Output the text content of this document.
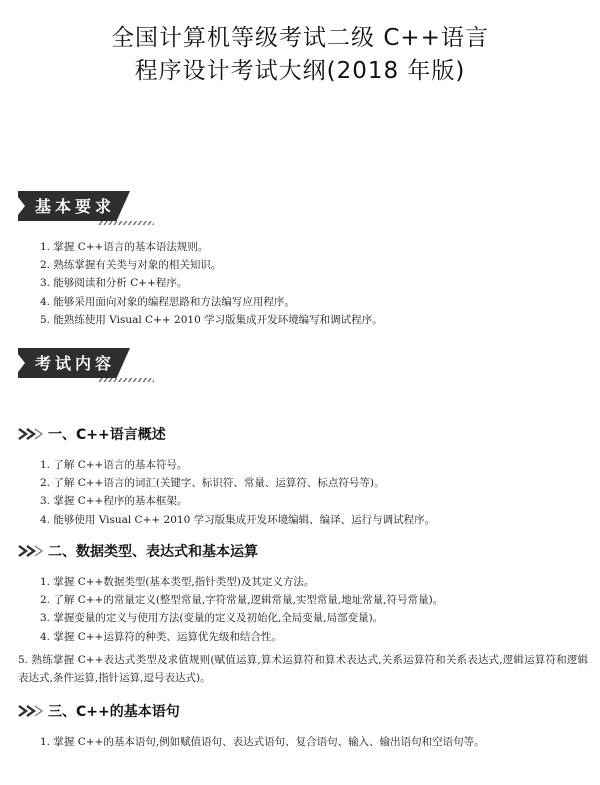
全国计算机等级考试二级 C++语言
程序设计考试大纲(2018 年版)
基本要求
1. 掌握 C++语言的基本语法规则。
2. 熟练掌握有关类与对象的相关知识。
3. 能够阅读和分析 C++程序。
4. 能够采用面向对象的编程思路和方法编写应用程序。
5. 能熟练使用 Visual C++ 2010 学习版集成开发环境编写和调试程序。
考试内容
一、C++语言概述
1. 了解 C++语言的基本符号。
2. 了解 C++语言的词汇(关键字、标识符、常量、运算符、标点符号等)。
3. 掌握 C++程序的基本框架。
4. 能够使用 Visual C++ 2010 学习版集成开发环境编辑、编译、运行与调试程序。
二、数据类型、表达式和基本运算
1. 掌握 C++数据类型(基本类型,指针类型)及其定义方法。
2. 了解 C++的常量定义(整型常量,字符常量,逻辑常量,实型常量,地址常量,符号常量)。
3. 掌握变量的定义与使用方法(变量的定义及初始化,全局变量,局部变量)。
4. 掌握 C++运算符的种类、运算优先级和结合性。
5. 熟练掌握 C++表达式类型及求值规则(赋值运算,算术运算符和算术表达式,关系运算符和关系表达式,逻辑运算符和逻辑表达式,条件运算,指针运算,逗号表达式)。
三、C++的基本语句
1. 掌握 C++的基本语句,例如赋值语句、表达式语句、复合语句、输入、输出语句和空语句等。
